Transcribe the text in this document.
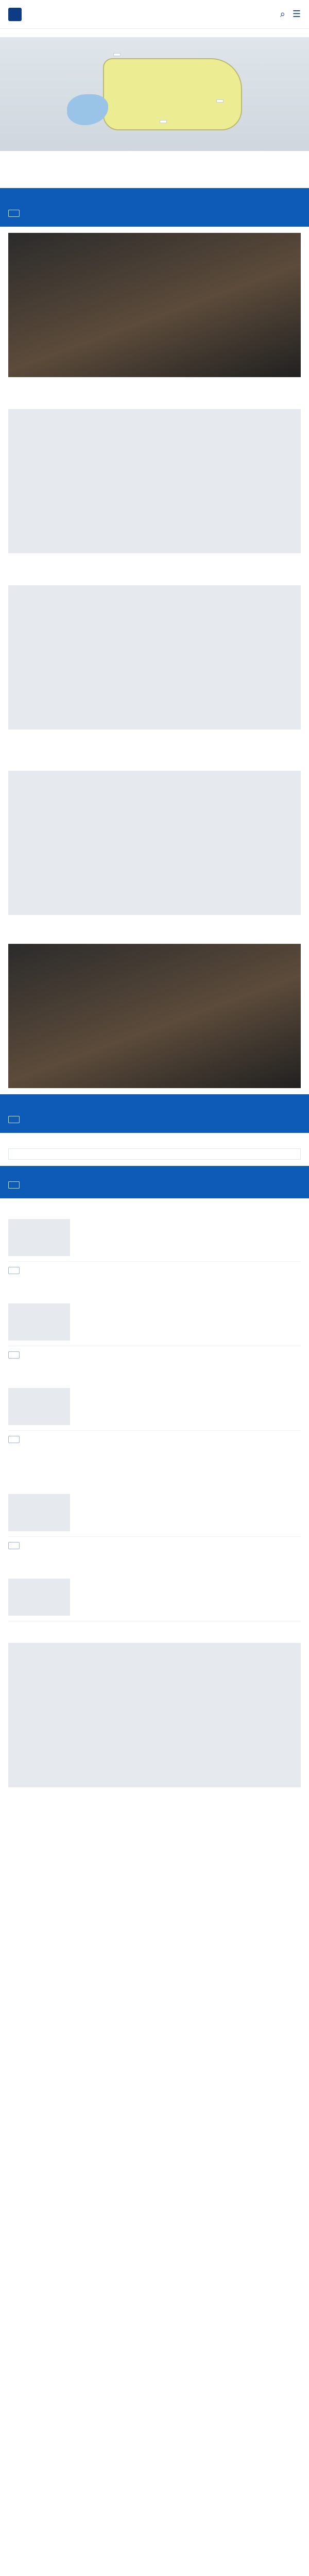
⌕ ☰
